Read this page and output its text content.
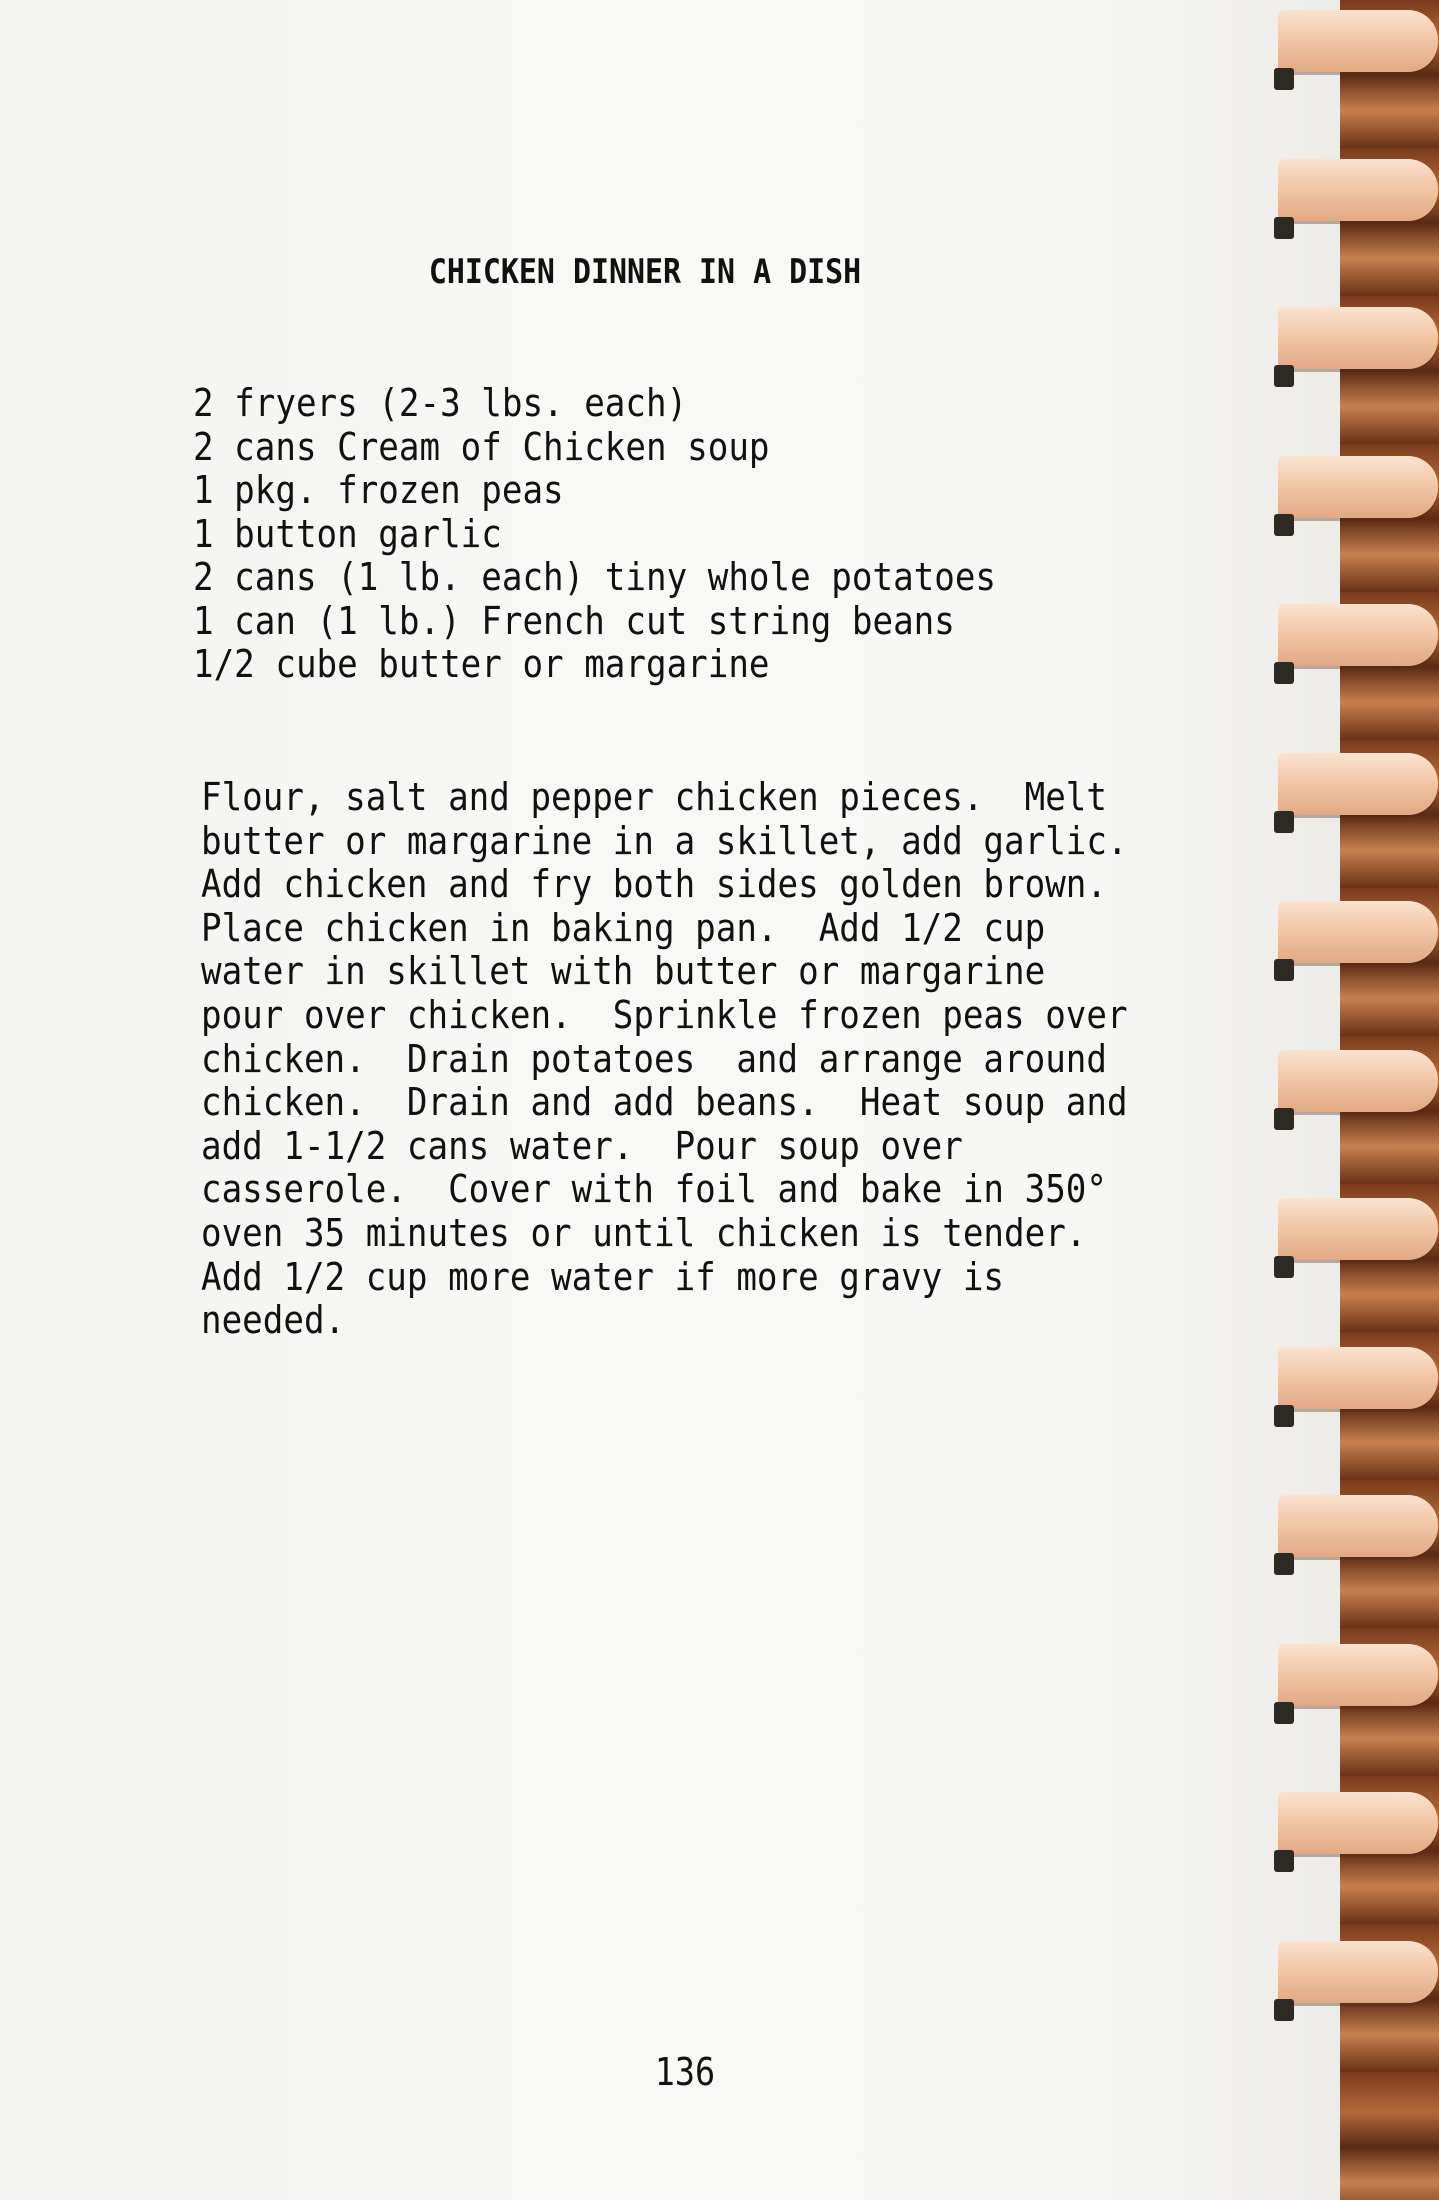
CHICKEN DINNER IN A DISH
2 fryers (2-3 lbs. each)
2 cans Cream of Chicken soup
1 pkg. frozen peas
1 button garlic
2 cans (1 lb. each) tiny whole potatoes
1 can (1 lb.) French cut string beans
1/2 cube butter or margarine
Flour, salt and pepper chicken pieces.  Melt
butter or margarine in a skillet, add garlic.
Add chicken and fry both sides golden brown.
Place chicken in baking pan.  Add 1/2 cup
water in skillet with butter or margarine
pour over chicken.  Sprinkle frozen peas over
chicken.  Drain potatoes  and arrange around
chicken.  Drain and add beans.  Heat soup and
add 1-1/2 cans water.  Pour soup over
casserole.  Cover with foil and bake in 350°
oven 35 minutes or until chicken is tender.
Add 1/2 cup more water if more gravy is
needed.
136
